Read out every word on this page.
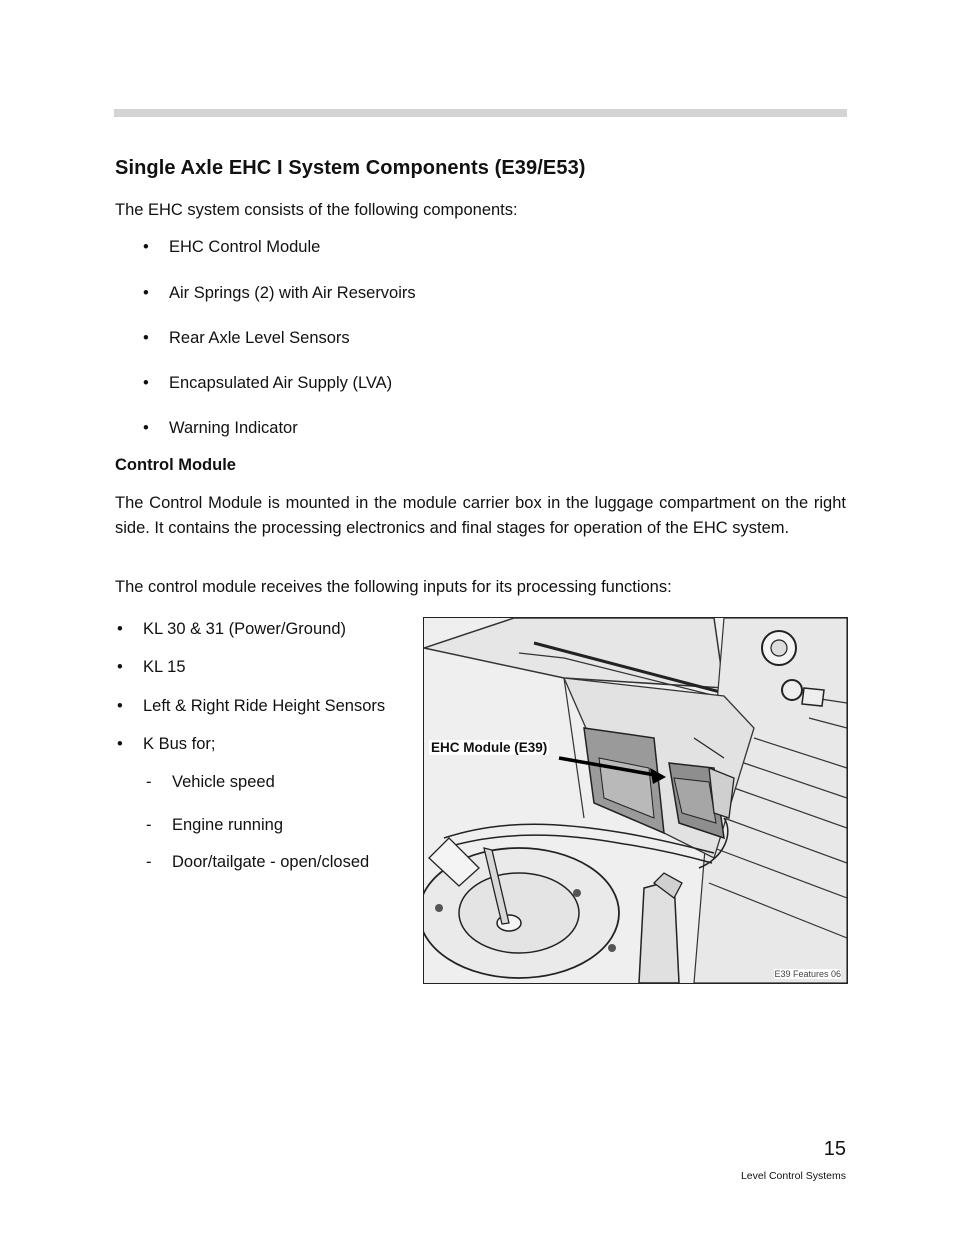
Single Axle EHC I System Components (E39/E53)
The EHC system consists of the following components:
• EHC Control Module
• Air Springs (2) with Air Reservoirs
• Rear Axle Level Sensors
• Encapsulated Air Supply (LVA)
• Warning Indicator
Control Module
The Control Module is mounted in the module carrier box in the luggage compartment on the right side. It contains the processing electronics and final stages for operation of the EHC system.
The control module receives the following inputs for its processing functions:
• KL 30 & 31 (Power/Ground)
• KL 15
• Left & Right Ride Height Sensors
• K Bus for;
- Vehicle speed
- Engine running
- Door/tailgate - open/closed
EHC Module (E39)
E39 Features 06
15
Level Control Systems
